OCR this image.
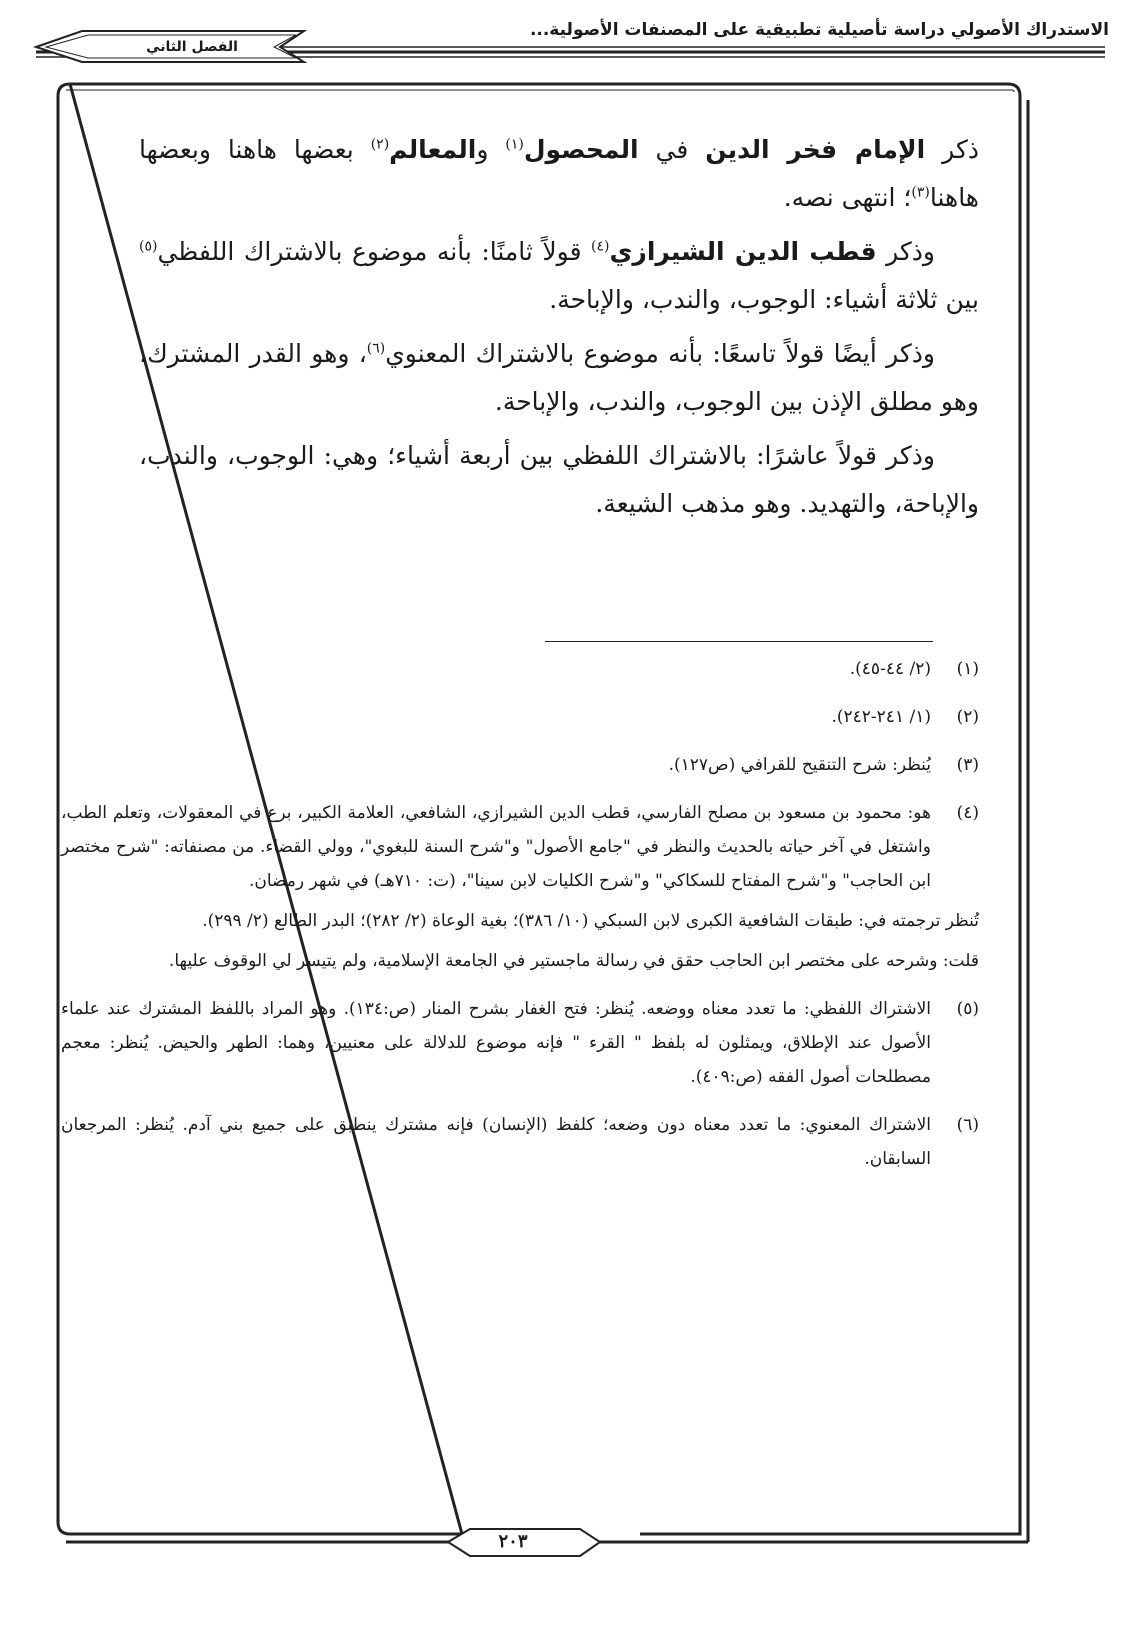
الاستدراك الأصولي دراسة تأصيلية تطبيقية على المصنفات الأصولية...
الفصل الثاني

ذكر الإمام فخر الدين في المحصول$^{(١)}$ والمعالم$^{(٢)}$ بعضها هاهنا وبعضها هاهنا$^{(٣)}$؛ انتهى نصه.

وذكر قطب الدين الشيرازي$^{(٤)}$ قولاً ثامنًا: بأنه موضوع بالاشتراك اللفظي$^{(٥)}$ بين ثلاثة أشياء: الوجوب، والندب، والإباحة.

وذكر أيضًا قولاً تاسعًا: بأنه موضوع بالاشتراك المعنوي$^{(٦)}$، وهو القدر المشترك، وهو مطلق الإذن بين الوجوب، والندب، والإباحة.

وذكر قولاً عاشرًا: بالاشتراك اللفظي بين أربعة أشياء؛ وهي: الوجوب، والندب، والإباحة، والتهديد. وهو مذهب الشيعة.

(١)

(٢/ ٤٤-٤٥).

(٢)

(١/ ٢٤١-٢٤٢).

(٣)

يُنظر: شرح التنقيح للقرافي (ص١٢٧).

(٤)

هو: محمود بن مسعود بن مصلح الفارسي، قطب الدين الشيرازي، الشافعي، العلامة الكبير، برع في المعقولات، وتعلم الطب، واشتغل في آخر حياته بالحديث والنظر في "جامع الأصول" و"شرح السنة للبغوي"، وولي القضاء. من مصنفاته: "شرح مختصر ابن الحاجب" و"شرح المفتاح للسكاكي" و"شرح الكليات لابن سينا"، (ت: ٧١٠هـ) في شهر رمضان.

تُنظر ترجمته في: طبقات الشافعية الكبرى لابن السبكي (١٠/ ٣٨٦)؛ بغية الوعاة (٢/ ٢٨٢)؛ البدر الطالع (٢/ ٢٩٩).

قلت: وشرحه على مختصر ابن الحاجب حقق في رسالة ماجستير في الجامعة الإسلامية، ولم يتيسر لي الوقوف عليها.

(٥)

الاشتراك اللفظي: ما تعدد معناه ووضعه. يُنظر: فتح الغفار بشرح المنار (ص:١٣٤). وهو المراد باللفظ المشترك عند علماء الأصول عند الإطلاق، ويمثلون له بلفظ " القرء " فإنه موضوع للدلالة على معنيين، وهما: الطهر والحيض. يُنظر: معجم مصطلحات أصول الفقه (ص:٤٠٩).

(٦)

الاشتراك المعنوي: ما تعدد معناه دون وضعه؛ كلفظ (الإنسان) فإنه مشترك ينطبق على جميع بني آدم. يُنظر: المرجعان السابقان.

٢٠٣
